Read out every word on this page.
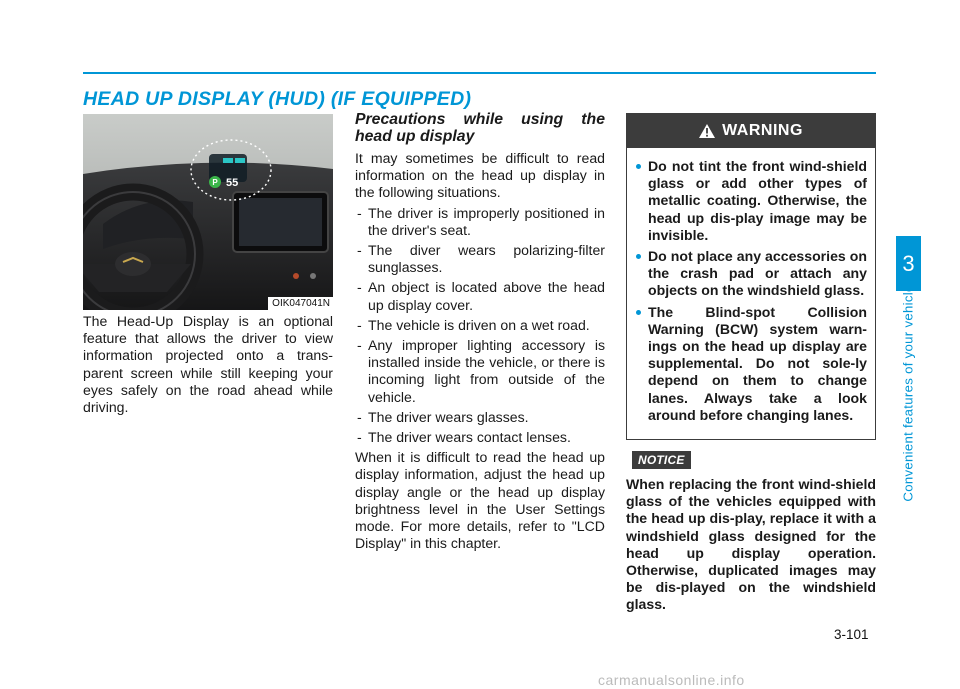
HEAD UP DISPLAY (HUD) (IF EQUIPPED)
P 55
OIK047041N
The Head-Up Display is an optional feature that allows the driver to view information projected onto a trans-parent screen while still keeping your eyes safely on the road ahead while driving.
Precautions while using the head up display

It may sometimes be difficult to read information on the head up display in the following situations.

- The driver is improperly positioned in the driver's seat.
- The diver wears polarizing-filter sunglasses.
- An object is located above the head up display cover.
- The vehicle is driven on a wet road.
- Any improper lighting accessory is installed inside the vehicle, or there is incoming light from outside of the vehicle.
- The driver wears glasses.
- The driver wears contact lenses.

When it is difficult to read the head up display information, adjust the head up display angle or the head up display brightness level in the User Settings mode. For more details, refer to "LCD Display" in this chapter.

WARNING
Do not tint the front wind-shield glass or add other types of metallic coating. Otherwise, the head up dis-play image may be invisible.
Do not place any accessories on the crash pad or attach any objects on the windshield glass.
The Blind-spot Collision Warning (BCW) system warn-ings on the head up display are supplemental. Do not sole-ly depend on them to change lanes. Always take a look around before changing lanes.
NOTICE
When replacing the front wind-shield glass of the vehicles equipped with the head up dis-play, replace it with a windshield glass designed for the head up display operation. Otherwise, duplicated images may be dis-played on the windshield glass.
3
Convenient features of your vehicle
3-101
carmanualsonline.info
